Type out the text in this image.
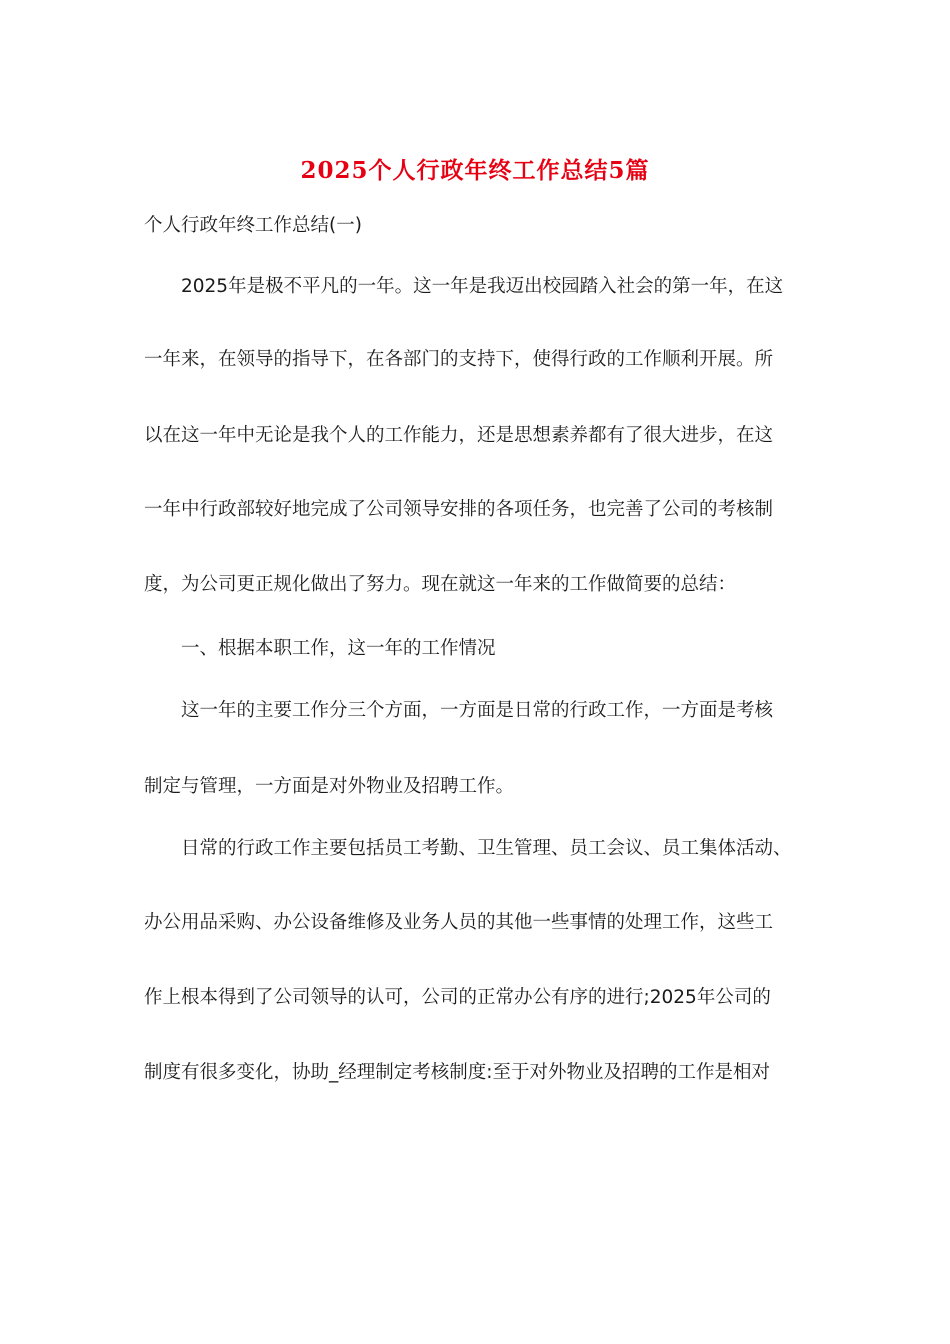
2025个人行政年终工作总结5篇
个人行政年终工作总结(一)
2025年是极不平凡的一年。这一年是我迈出校园踏入社会的第一年，在这
一年来，在领导的指导下，在各部门的支持下，使得行政的工作顺利开展。所
以在这一年中无论是我个人的工作能力，还是思想素养都有了很大进步，在这
一年中行政部较好地完成了公司领导安排的各项任务，也完善了公司的考核制
度，为公司更正规化做出了努力。现在就这一年来的工作做简要的总结：
一、根据本职工作，这一年的工作情况
这一年的主要工作分三个方面，一方面是日常的行政工作，一方面是考核
制定与管理，一方面是对外物业及招聘工作。
日常的行政工作主要包括员工考勤、卫生管理、员工会议、员工集体活动、
办公用品采购、办公设备维修及业务人员的其他一些事情的处理工作，这些工
作上根本得到了公司领导的认可，公司的正常办公有序的进行;2025年公司的
制度有很多变化，协助_经理制定考核制度:至于对外物业及招聘的工作是相对
